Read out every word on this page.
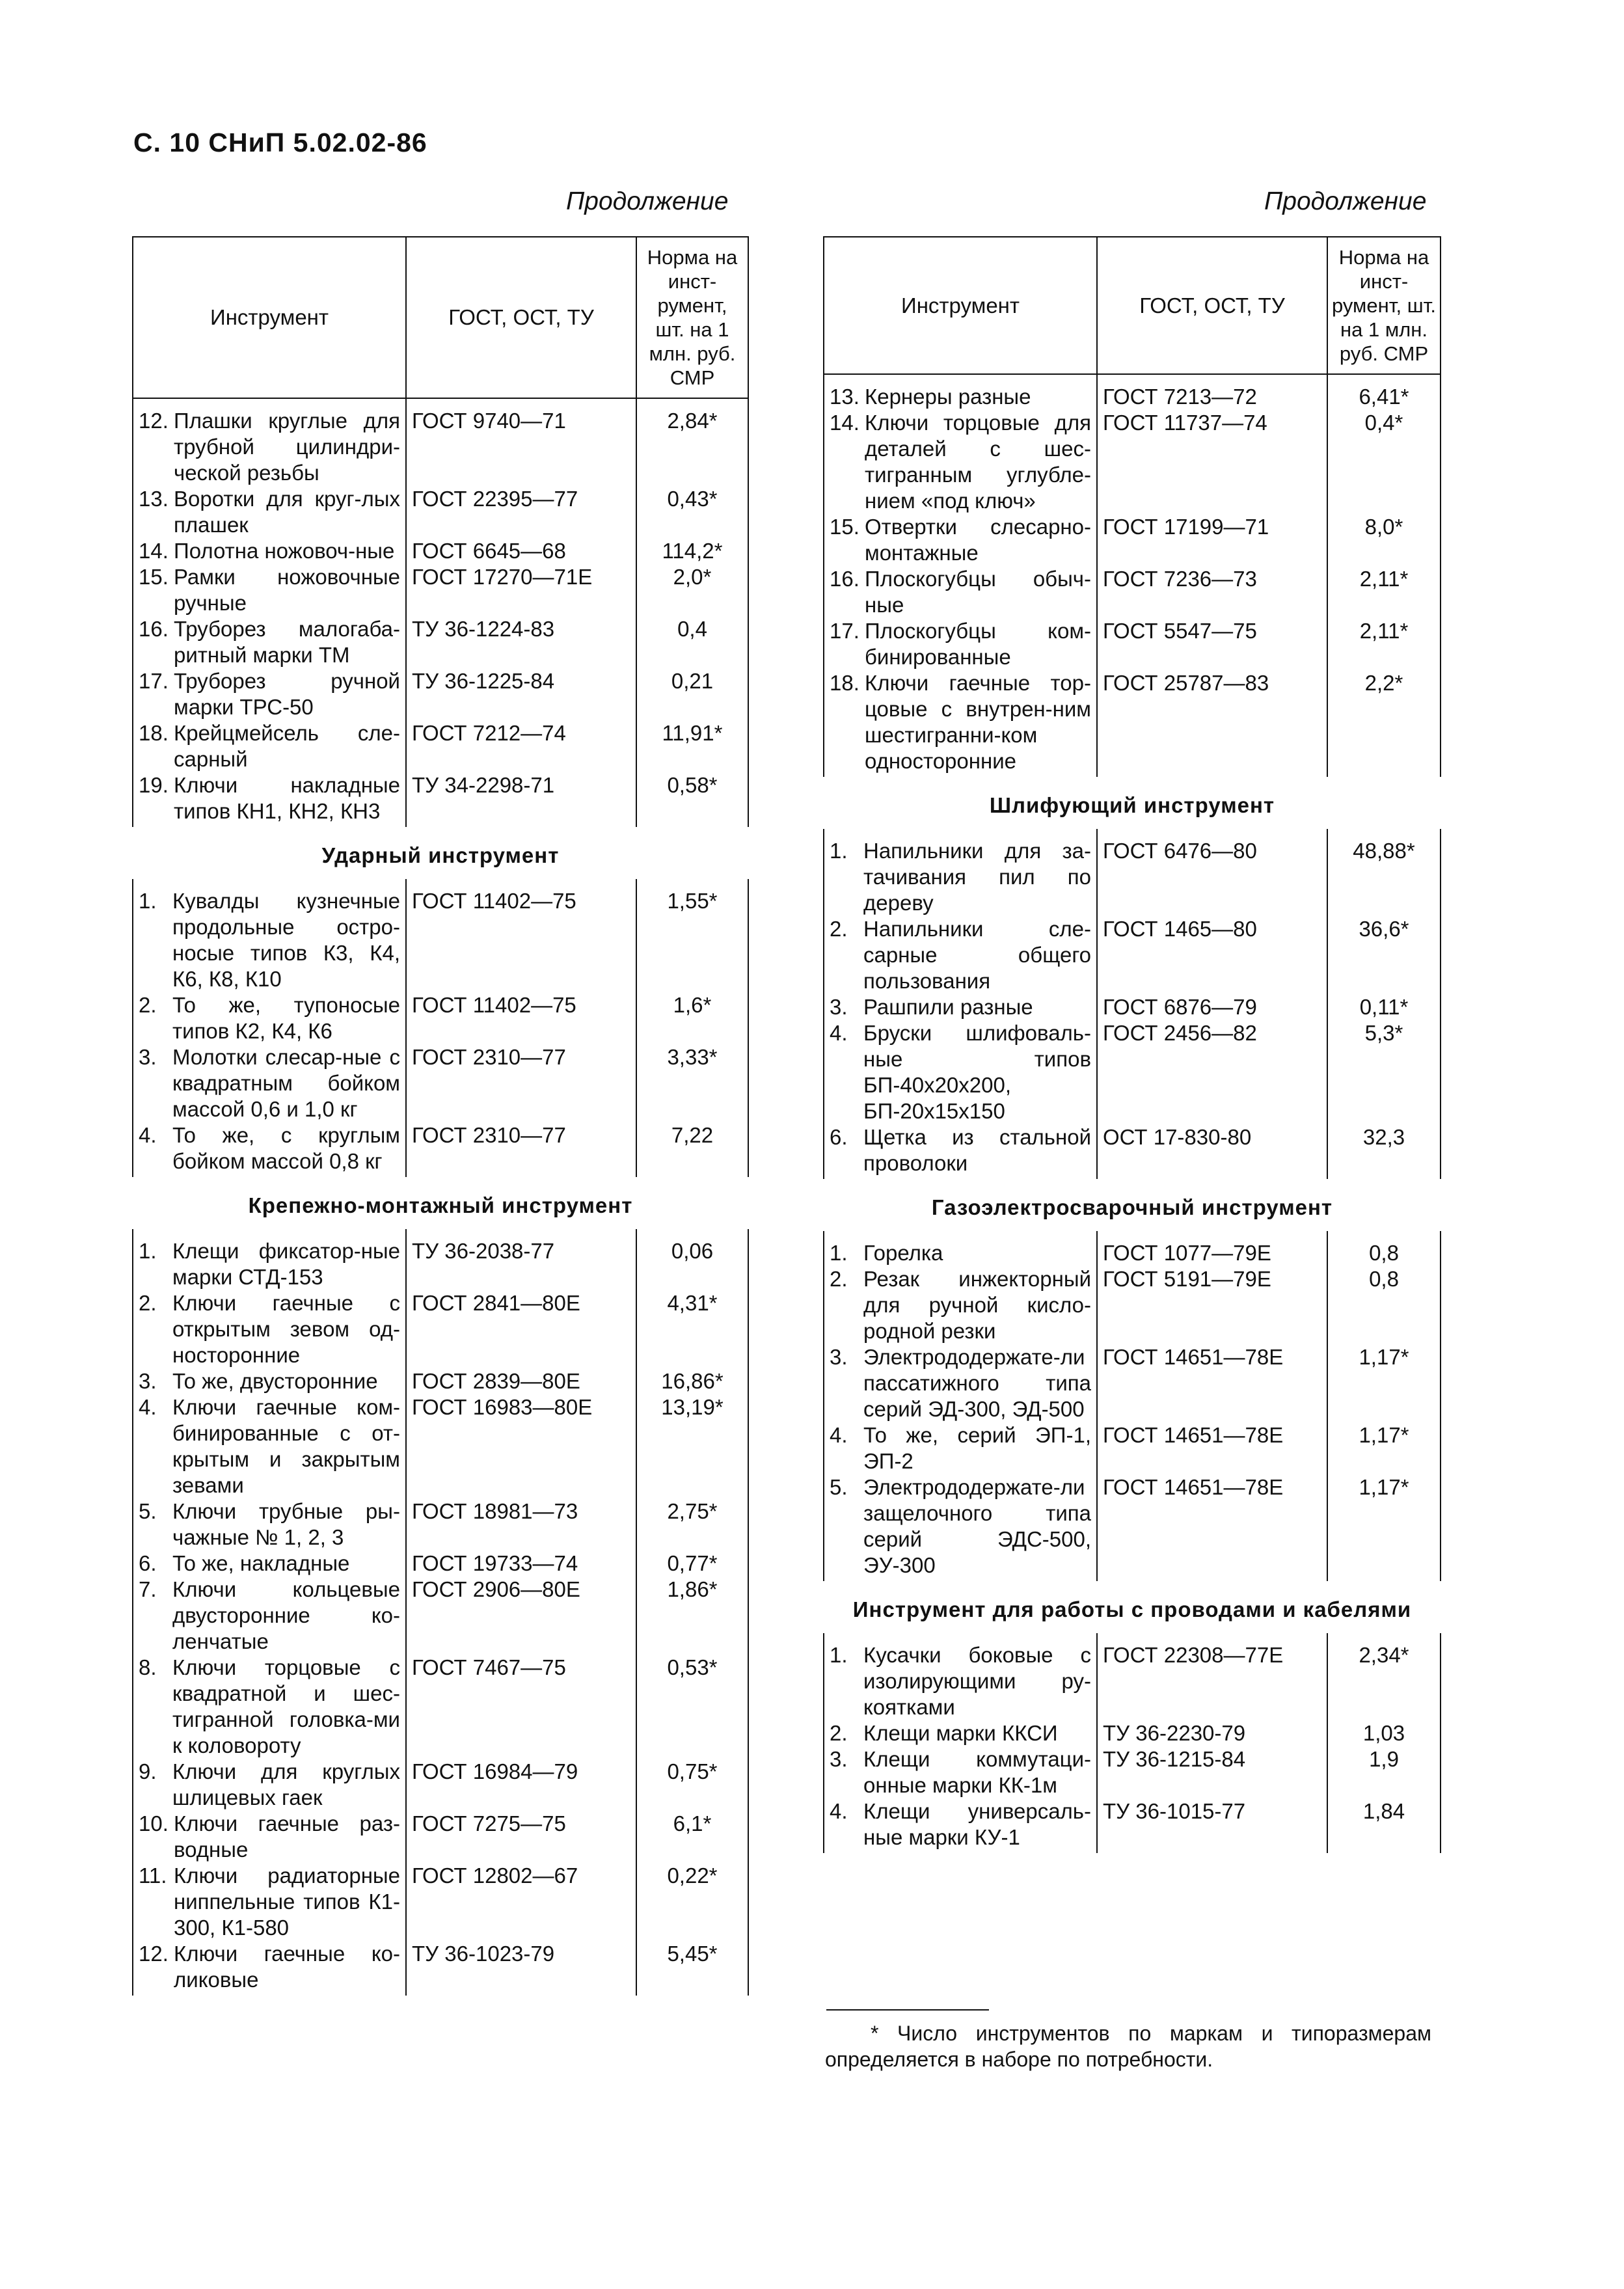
С. 10 СНиП 5.02.02-86
Продолжение	Продолжение
Инструмент	ГОСТ, ОСТ, ТУ	Норма на инст-румент, шт. на 1 млн. руб. СМР

12. Плашки круглые для трубной цилиндри-ческой резьбы	ГОСТ 9740—71	2,84*

13. Воротки для круг-лых плашек	ГОСТ 22395—77	0,43*

14. Полотна ножовоч-ные	ГОСТ 6645—68	114,2*

15. Рамки ножовочные ручные	ГОСТ 17270—71Е	2,0*

16. Труборез малогаба-ритный марки ТМ	ТУ 36-1224-83	0,4

17. Труборез ручной марки ТРС-50	ТУ 36-1225-84	0,21

18. Крейцмейсель сле-сарный	ГОСТ 7212—74	11,91*

19. Ключи накладные типов КН1, КН2, КН3	ТУ 34-2298-71	0,58*
Ударный инструмент		

1. Кувалды кузнечные продольные остро-носые типов К3, К4, К6, К8, К10	ГОСТ 11402—75	1,55*

2. То же, тупоносые типов К2, К4, К6	ГОСТ 11402—75	1,6*

3. Молотки слесар-ные с квадратным бойком массой 0,6 и 1,0 кг	ГОСТ 2310—77	3,33*

4. То же, с круглым бойком массой 0,8 кг	ГОСТ 2310—77	7,22
Крепежно-монтажный инструмент		

1. Клещи фиксатор-ные марки СТД-153	ТУ 36-2038-77	0,06

2. Ключи гаечные с открытым зевом од-носторонние	ГОСТ 2841—80Е	4,31*

3. То же, двусторонние	ГОСТ 2839—80Е	16,86*

4. Ключи гаечные ком-бинированные с от-крытым и закрытым зевами	ГОСТ 16983—80Е	13,19*

5. Ключи трубные ры-чажные № 1, 2, 3	ГОСТ 18981—73	2,75*

6. То же, накладные	ГОСТ 19733—74	0,77*

7. Ключи кольцевые двусторонние ко-ленчатые	ГОСТ 2906—80Е	1,86*

8. Ключи торцовые с квадратной и шес-тигранной головка-ми к коловороту	ГОСТ 7467—75	0,53*

9. Ключи для круглых шлицевых гаек	ГОСТ 16984—79	0,75*

10. Ключи гаечные раз-водные	ГОСТ 7275—75	6,1*

11. Ключи радиаторные ниппельные типов К1-300, К1-580	ГОСТ 12802—67	0,22*

12. Ключи гаечные ко-ликовые	ТУ 36-1023-79	5,45*
Инструмент	ГОСТ, ОСТ, ТУ	Норма на инст-румент, шт. на 1 млн. руб. СМР

13. Кернеры разные	ГОСТ 7213—72	6,41*

14. Ключи торцовые для деталей с шес-тигранным углубле-нием «под ключ»	ГОСТ 11737—74	0,4*

15. Отвертки слесарно-монтажные	ГОСТ 17199—71	8,0*

16. Плоскогубцы обыч-ные	ГОСТ 7236—73	2,11*

17. Плоскогубцы ком-бинированные	ГОСТ 5547—75	2,11*

18. Ключи гаечные тор-цовые с внутрен-ним шестигранни-ком односторонние	ГОСТ 25787—83	2,2*
Шлифующий инструмент		

1. Напильники для за-тачивания пил по дереву	ГОСТ 6476—80	48,88*

2. Напильники сле-сарные общего пользования	ГОСТ 1465—80	36,6*

3. Рашпили разные	ГОСТ 6876—79	0,11*

4. Бруски шлифоваль-ные типов БП-40х20х200, БП-20х15х150	ГОСТ 2456—82	5,3*

6. Щетка из стальной проволоки	ОСТ 17-830-80	32,3
Газоэлектросварочный инструмент		

1. Горелка	ГОСТ 1077—79Е	0,8

2. Резак инжекторный для ручной кисло-родной резки	ГОСТ 5191—79Е	0,8

3. Электрододержате-ли пассатижного типа серий ЭД-300, ЭД-500	ГОСТ 14651—78Е	1,17*

4. То же, серий ЭП-1, ЭП-2	ГОСТ 14651—78Е	1,17*

5. Электрододержате-ли защелочного типа серий ЭДС-500, ЭУ-300	ГОСТ 14651—78Е	1,17*
Инструмент для работы с проводами и кабелями		

1. Кусачки боковые с изолирующими ру-коятками	ГОСТ 22308—77Е	2,34*

2. Клещи марки ККСИ	ТУ 36-2230-79	1,03

3. Клещи коммутаци-онные марки КК-1м	ТУ 36-1215-84	1,9

4. Клещи универсаль-ные марки КУ-1	ТУ 36-1015-77	1,84
* Число инструментов по маркам и типоразмерам определяется в наборе по потребности.
